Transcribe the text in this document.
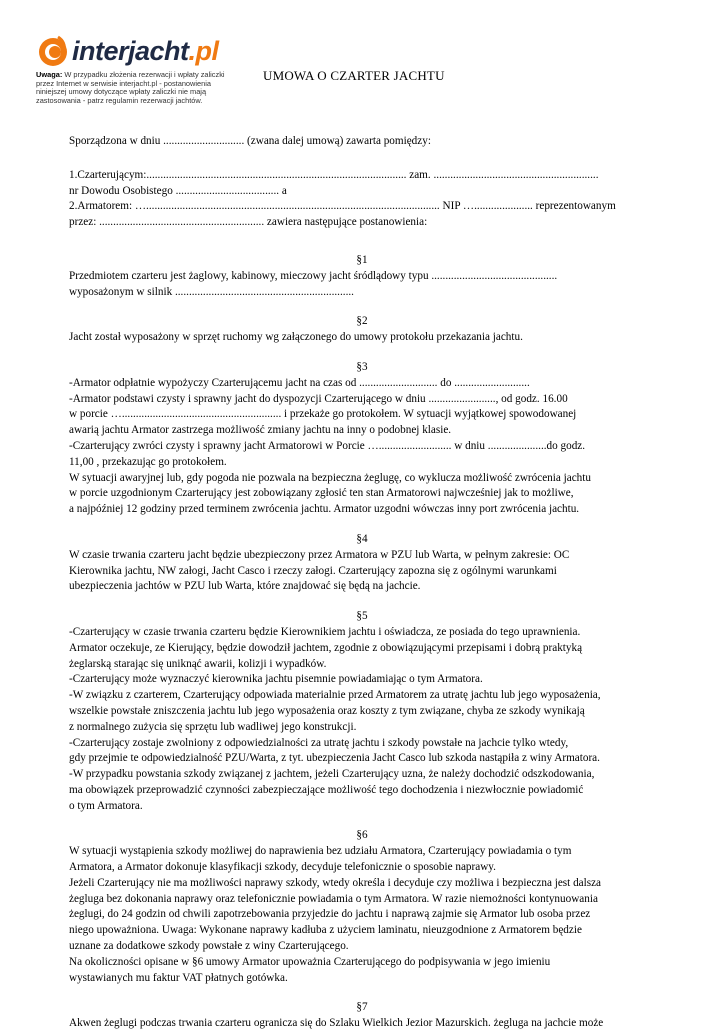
interjacht.pl
Uwaga: W przypadku złożenia rezerwacji i wpłaty zaliczki przez Internet w serwisie interjacht.pl - postanowienia niniejszej umowy dotyczące wpłaty zaliczki nie mają zastosowania - patrz regulamin rezerwacji jachtów.
UMOWA O CZARTER JACHTU

Sporządzona w dniu ............................. (zwana dalej umową) zawarta pomiędzy:

1.Czarterującym:............................................................................................. zam. ...........................................................

nr Dowodu Osobistego ..................................... a

2.Armatorem: …......................................................................................................... NIP …..................... reprezentowanym

przez: ........................................................... zawiera następujące postanowienia:

§1

Przedmiotem czarteru jest żaglowy, kabinowy, mieczowy jacht śródlądowy typu .............................................

wyposażonym w silnik ................................................................

§2

Jacht został wyposażony w sprzęt ruchomy wg załączonego do umowy protokołu przekazania jachtu.

§3

-Armator odpłatnie wypożyczy Czarterującemu jacht na czas od ............................ do ...........................

-Armator podstawi czysty i sprawny jacht do dyspozycji Czarterującego w dniu ........................, od godz. 16.00

w porcie …......................................................... i przekaże go protokołem. W sytuacji wyjątkowej spowodowanej

awarią jachtu Armator zastrzega możliwość zmiany jachtu na inny o podobnej klasie.

-Czarterujący zwróci czysty i sprawny jacht Armatorowi w Porcie ….......................... w dniu .....................do godz.

11,00 , przekazując go protokołem.

W sytuacji awaryjnej lub, gdy pogoda nie pozwala na bezpieczna żeglugę, co wyklucza możliwość zwrócenia jachtu

w porcie uzgodnionym Czarterujący jest zobowiązany zgłosić ten stan Armatorowi najwcześniej jak to możliwe,

a najpóźniej 12 godziny przed terminem zwrócenia jachtu. Armator uzgodni wówczas inny port zwrócenia jachtu.

§4

W czasie trwania czarteru jacht będzie ubezpieczony przez Armatora w PZU lub Warta, w pełnym zakresie: OC

Kierownika jachtu, NW załogi, Jacht Casco i rzeczy załogi. Czarterujący zapozna się z ogólnymi warunkami

ubezpieczenia jachtów w PZU lub Warta, które znajdować się będą na jachcie.

§5

-Czarterujący w czasie trwania czarteru będzie Kierownikiem jachtu i oświadcza, ze posiada do tego uprawnienia.

Armator oczekuje, ze Kierujący, będzie dowodził jachtem, zgodnie z obowiązującymi przepisami i dobrą praktyką

żeglarską starając się uniknąć awarii, kolizji i wypadków.

-Czarterujący może wyznaczyć kierownika jachtu pisemnie powiadamiając o tym Armatora.

-W związku z czarterem, Czarterujący odpowiada materialnie przed Armatorem za utratę jachtu lub jego wyposażenia,

wszelkie powstałe zniszczenia jachtu lub jego wyposażenia oraz koszty z tym związane, chyba ze szkody wynikają

z normalnego zużycia się sprzętu lub wadliwej jego konstrukcji.

-Czarterujący zostaje zwolniony z odpowiedzialności za utratę jachtu i szkody powstałe na jachcie tylko wtedy,

gdy przejmie te odpowiedzialność PZU/Warta, z tyt. ubezpieczenia Jacht Casco lub szkoda nastąpiła z winy Armatora.

-W przypadku powstania szkody związanej z jachtem, jeżeli Czarterujący uzna, że należy dochodzić odszkodowania,

ma obowiązek przeprowadzić czynności zabezpieczające możliwość tego dochodzenia i niezwłocznie powiadomić

o tym Armatora.

§6

W sytuacji wystąpienia szkody możliwej do naprawienia bez udziału Armatora, Czarterujący powiadamia o tym

Armatora, a Armator dokonuje klasyfikacji szkody, decyduje telefonicznie o sposobie naprawy.

Jeżeli Czarterujący nie ma możliwości naprawy szkody, wtedy określa i decyduje czy możliwa i bezpieczna jest dalsza

żegluga bez dokonania naprawy oraz telefonicznie powiadamia o tym Armatora. W razie niemożności kontynuowania

żeglugi, do 24 godzin od chwili zapotrzebowania przyjedzie do jachtu i naprawą zajmie się Armator lub osoba przez

niego upoważniona. Uwaga: Wykonane naprawy kadłuba z użyciem laminatu, nieuzgodnione z Armatorem będzie

uznane za dodatkowe szkody powstałe z winy Czarterującego.

Na okoliczności opisane w §6 umowy Armator upoważnia Czarterującego do podpisywania w jego imieniu

wystawianych mu faktur VAT płatnych gotówka.

§7

Akwen żeglugi podczas trwania czarteru ogranicza się do Szlaku Wielkich Jezior Mazurskich. żegluga na jachcie może
